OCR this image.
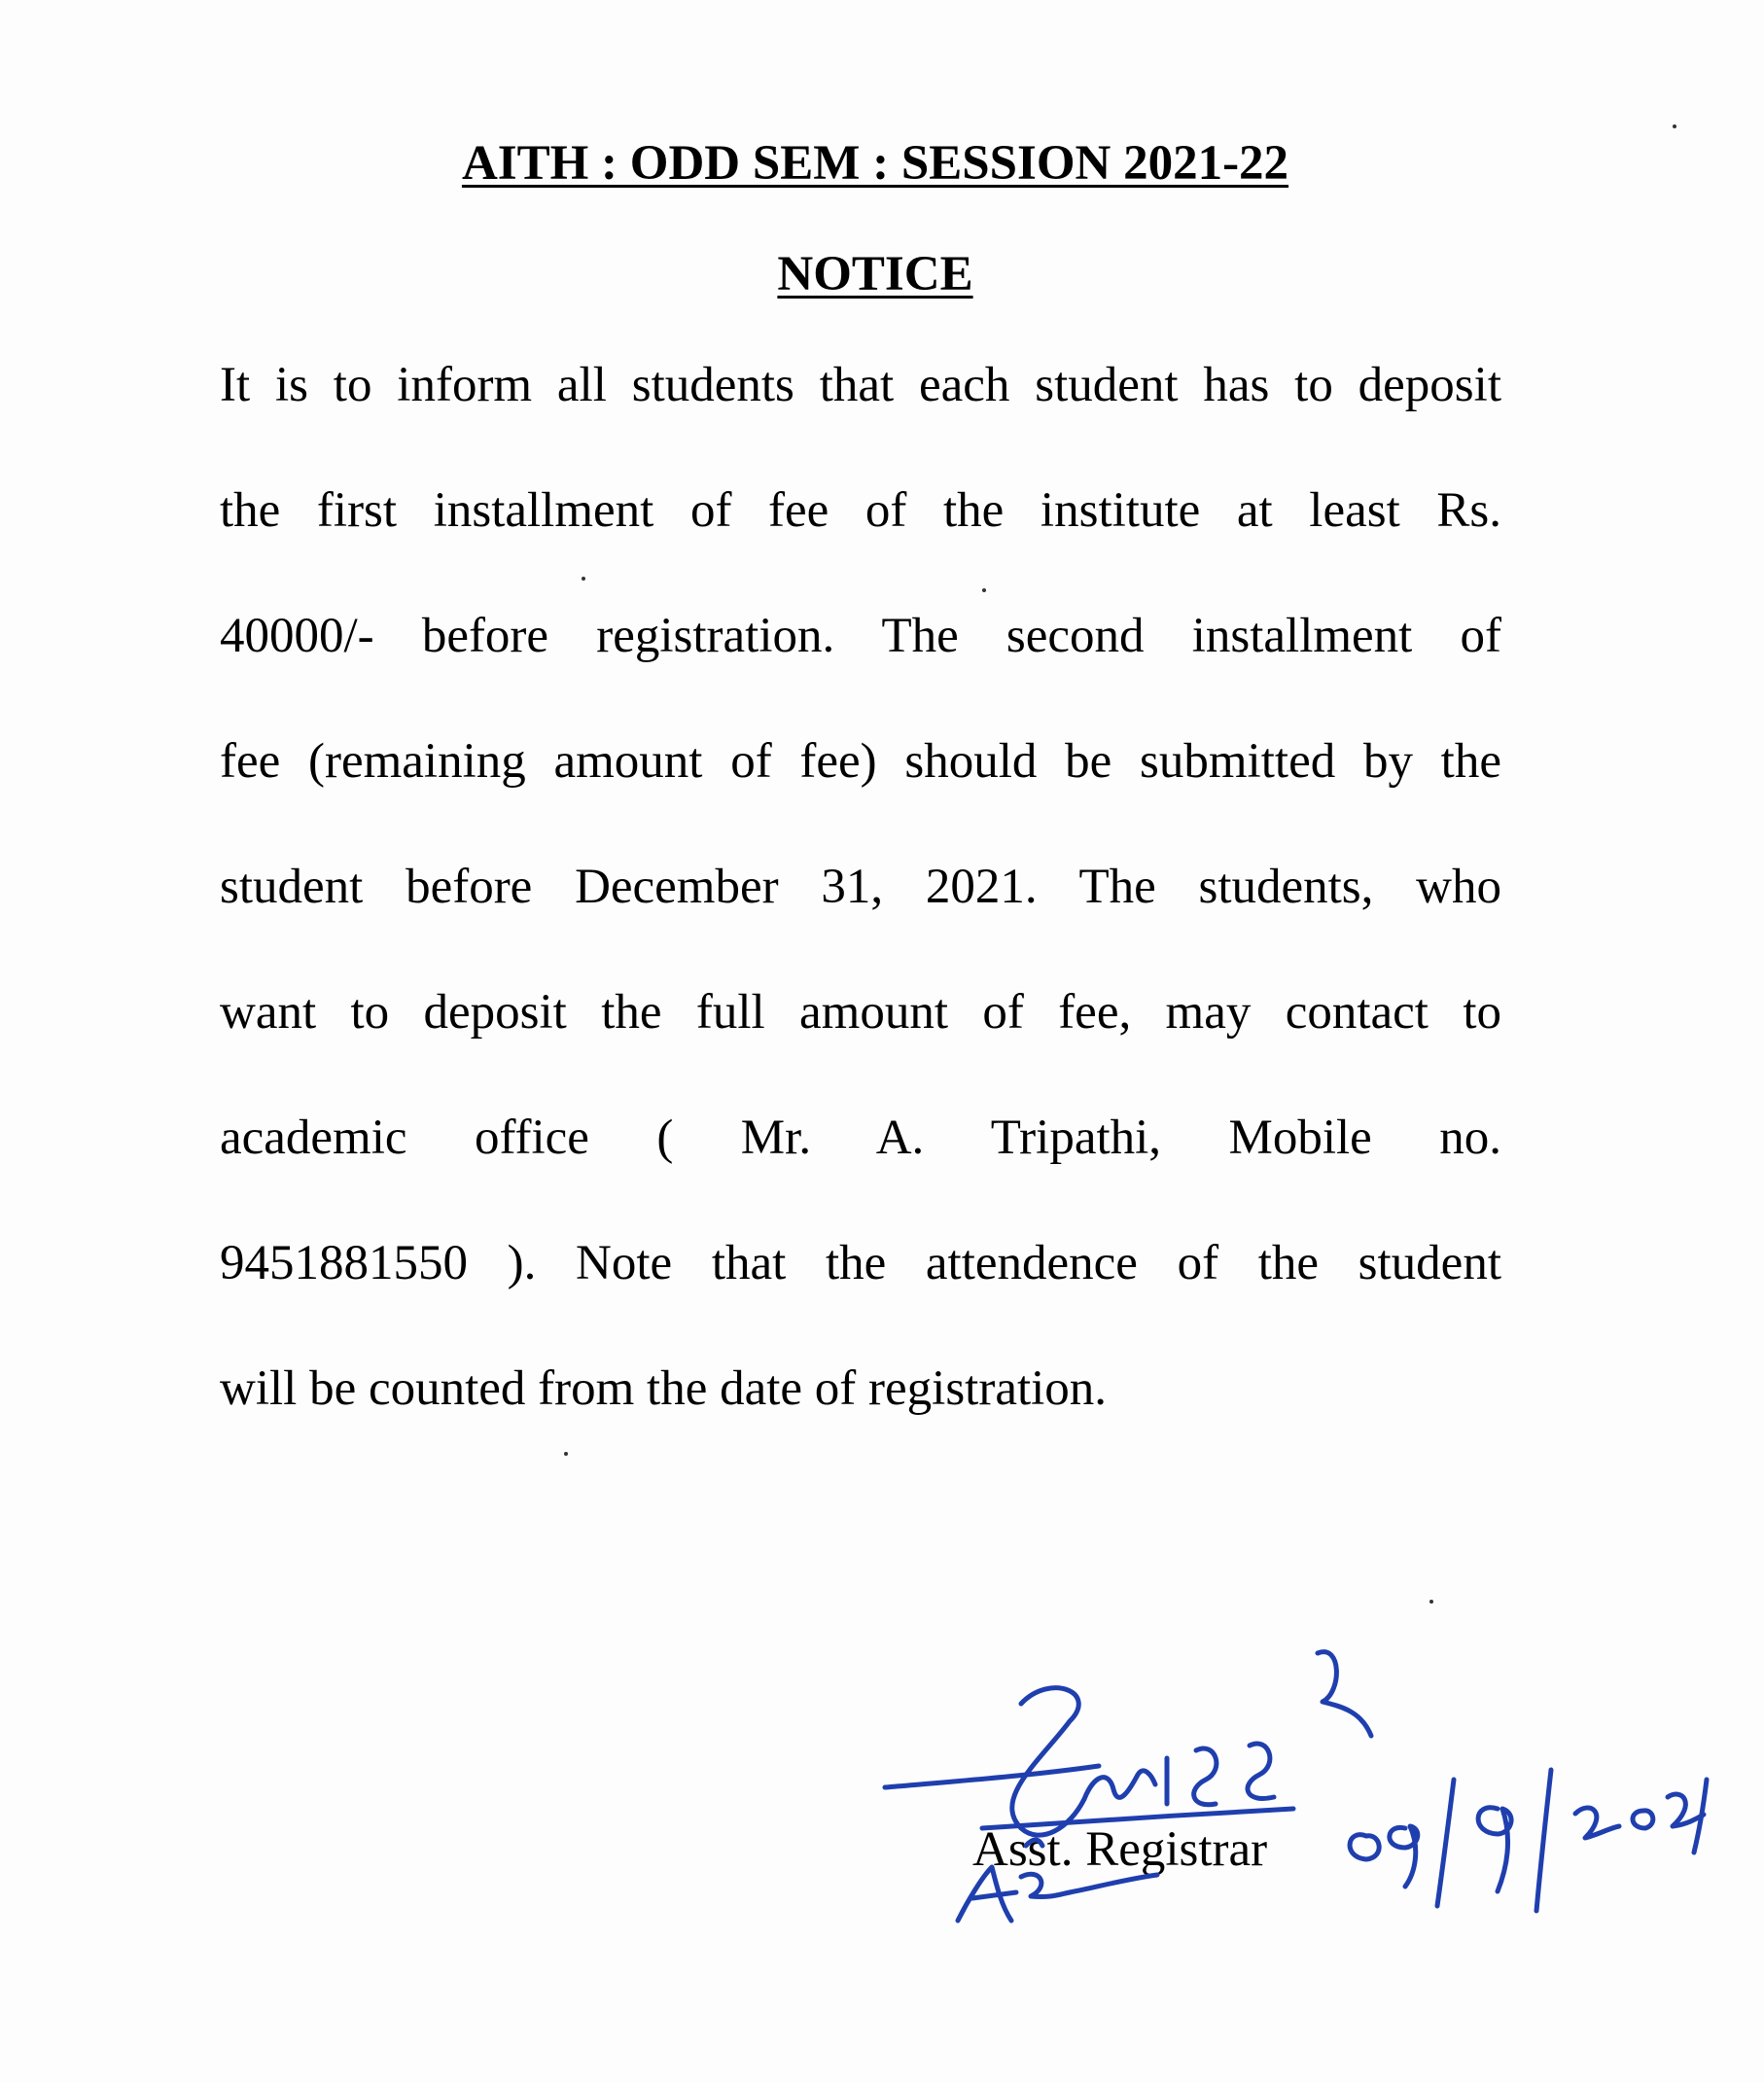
AITH : ODD SEM : SESSION 2021-22
NOTICE
It is to inform all students that each student has to deposit
the first installment of fee of the institute at least Rs.
40000/- before registration. The second installment of
fee (remaining amount of fee) should be submitted by the
student before December 31, 2021. The students, who
want to deposit the full amount of fee, may contact to
academic office ( Mr. A. Tripathi, Mobile no.
9451881550 ). Note that the attendence of the student
will be counted from the date of registration.
Asst. Registrar
